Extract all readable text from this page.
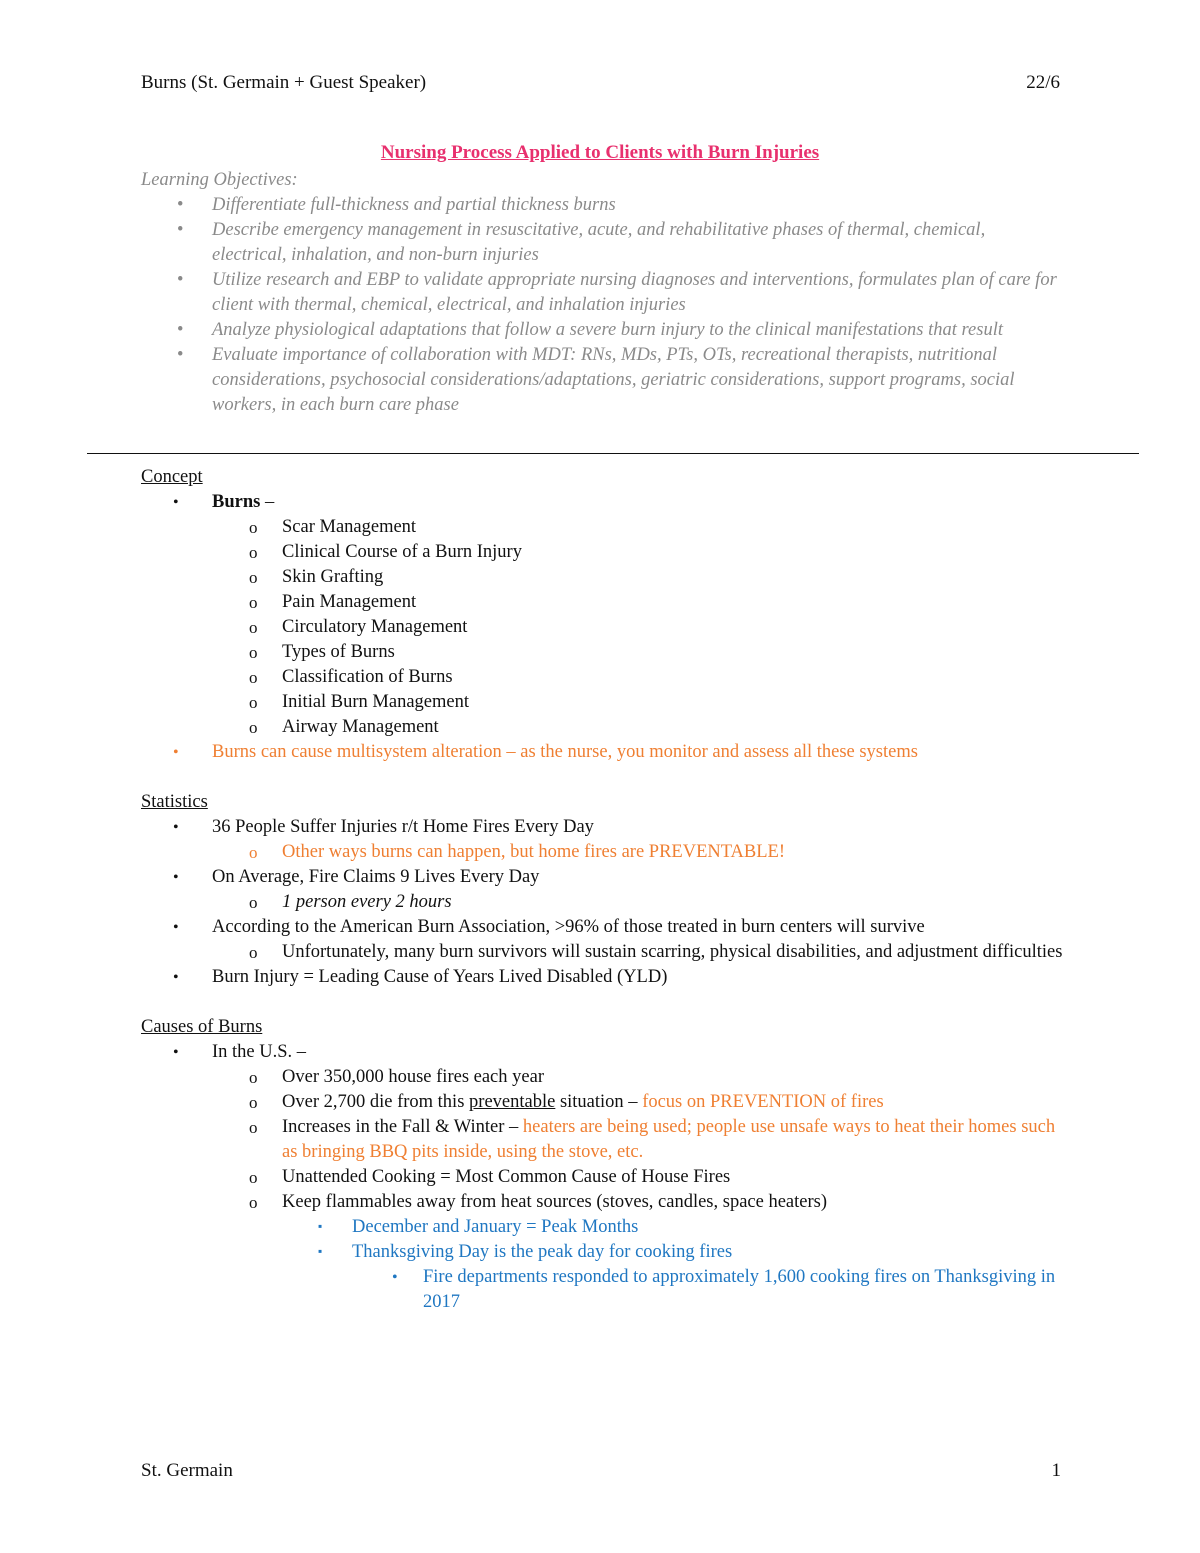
Burns (St. Germain + Guest Speaker)	22/6
Nursing Process Applied to Clients with Burn Injuries
Learning Objectives:
• Differentiate full-thickness and partial thickness burns
• Describe emergency management in resuscitative, acute, and rehabilitative phases of thermal, chemical, electrical, inhalation, and non-burn injuries
• Utilize research and EBP to validate appropriate nursing diagnoses and interventions, formulates plan of care for client with thermal, chemical, electrical, and inhalation injuries
• Analyze physiological adaptations that follow a severe burn injury to the clinical manifestations that result
• Evaluate importance of collaboration with MDT: RNs, MDs, PTs, OTs, recreational therapists, nutritional considerations, psychosocial considerations/adaptations, geriatric considerations, support programs, social workers, in each burn care phase
Concept
• Burns –
o Scar Management
o Clinical Course of a Burn Injury
o Skin Grafting
o Pain Management
o Circulatory Management
o Types of Burns
o Classification of Burns
o Initial Burn Management
o Airway Management
• Burns can cause multisystem alteration – as the nurse, you monitor and assess all these systems
Statistics
• 36 People Suffer Injuries r/t Home Fires Every Day
o Other ways burns can happen, but home fires are PREVENTABLE!
• On Average, Fire Claims 9 Lives Every Day
o 1 person every 2 hours
• According to the American Burn Association, >96% of those treated in burn centers will survive
o Unfortunately, many burn survivors will sustain scarring, physical disabilities, and adjustment difficulties
• Burn Injury = Leading Cause of Years Lived Disabled (YLD)
Causes of Burns
• In the U.S. –
o Over 350,000 house fires each year
o Over 2,700 die from this preventable situation – focus on PREVENTION of fires
o Increases in the Fall & Winter – heaters are being used; people use unsafe ways to heat their homes such as bringing BBQ pits inside, using the stove, etc.
o Unattended Cooking = Most Common Cause of House Fires
o Keep flammables away from heat sources (stoves, candles, space heaters)
▪ December and January = Peak Months
▪ Thanksgiving Day is the peak day for cooking fires
• Fire departments responded to approximately 1,600 cooking fires on Thanksgiving in 2017
St. Germain	1
